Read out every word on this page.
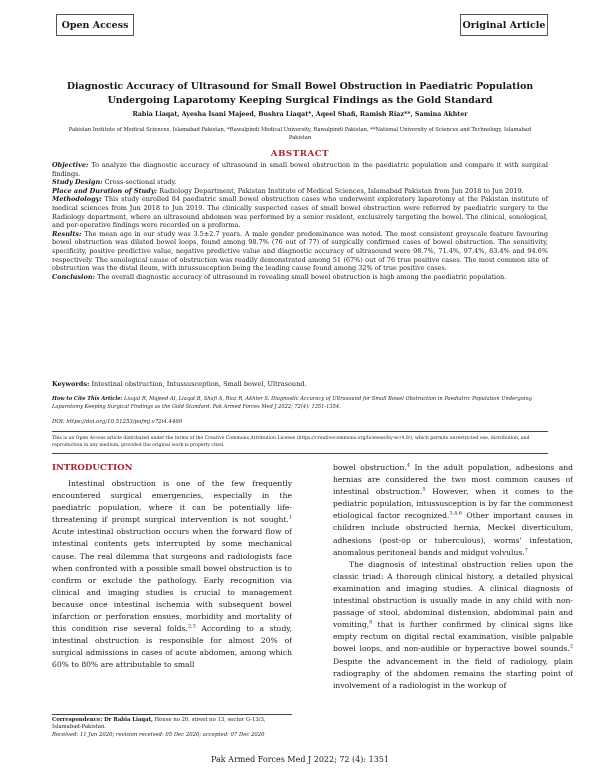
Open Access	Original Article
Diagnostic Accuracy of Ultrasound for Small Bowel Obstruction in Paediatric Population Undergoing Laparotomy Keeping Surgical Findings as the Gold Standard
Rabia Liaqat, Ayesha Isani Majeed, Bushra Liaqat*, Aqeel Shafi, Ramish Riaz**, Samina Akhter
Pakistan Institute of Medical Sciences, Islamabad Pakistan, *Rawalpindi Medical University, Rawalpindi Pakistan, **National University of Sciences and Technology, Islamabad Pakistan
ABSTRACT

Objective: To analyze the diagnostic accuracy of ultrasound in small bowel obstruction in the paediatric population and compare it with surgical findings.

Study Design: Cross-sectional study.

Place and Duration of Study: Radiology Department, Pakistan Institute of Medical Sciences, Islamabad Pakistan from Jun 2018 to Jun 2019.

Methodology: This study enrolled 84 paediatric small bowel obstruction cases who underwent exploratory laparotomy at the Pakistan institute of medical sciences from Jun 2018 to Jun 2019. The clinically suspected cases of small bowel obstruction were referred by paediatric surgery to the Radiology department, where an ultrasound abdomen was performed by a senior resident, exclusively targeting the bowel. The clinical, sonological, and per-operative findings were recorded on a proforma.

Results: The mean age in our study was 3.5±2.7 years. A male gender predominance was noted. The most consistent greyscale feature favouring bowel obstruction was dilated bowel loops, found among 98.7% (76 out of 77) of surgically confirmed cases of bowel obstruction. The sensitivity, specificity, positive predictive value, negative predictive value and diagnostic accuracy of ultrasound were 98.7%, 71.4%, 97.4%, 83.4% and 94.6% respectively. The sonological cause of obstruction was readily demonstrated among 51 (67%) out of 76 true positive cases. The most common site of obstruction was the distal ileum, with intussusception being the leading cause found among 32% of true positive cases.

Conclusion: The overall diagnostic accuracy of ultrasound in revealing small bowel obstruction is high among the paediatric population.

Keywords: Intestinal obstruction, Intussusception, Small bowel, Ultrasound.
How to Cite This Article: Liaqat R, Majeed AI, Liaqat B, Shafi A, Riaz R, Akhter S. Diagnostic Accuracy of Ultrasound for Small Bowel Obstruction in Paediatric Population Undergoing Laparotomy Keeping Surgical Findings as the Gold Standard. Pak Armed Forces Med J 2022; 72(4): 1351-1354.
DOI: https://doi.org/10.51253/pafmj.v72i4.4460
This is an Open Access article distributed under the terms of the Creative Commons Attribution License (https://creativecommons.org/licenses/by-nc/4.0/), which permits unrestricted use, distribution, and reproduction in any medium, provided the original work is properly cited.
INTRODUCTION

Intestinal obstruction is one of the few frequently encountered surgical emergencies, especially in the paediatric population, where it can be potentially life-threatening if prompt surgical intervention is not sought.$^1$ Acute intestinal obstruction occurs when the forward flow of intestinal contents gets interrupted by some mechanical cause. The real dilemma that surgeons and radiologists face when confronted with a possible small bowel obstruction is to confirm or exclude the pathology. Early recognition via clinical and imaging studies is crucial to management because once intestinal ischemia with subsequent bowel infarction or perforation ensues, morbidity and mortality of this condition rise several folds.$^{2,3}$ According to a study, intestinal obstruction is responsible for almost 20% of surgical admissions in cases of acute abdomen, among which 60% to 80% are attributable to small

bowel obstruction.$^4$ In the adult population, adhesions and hernias are considered the two most common causes of intestinal obstruction.$^5$ However, when it comes to the pediatric population, intussusception is by far the commonest etiological factor recognized.$^{3,4,6}$ Other important causes in children include obstructed hernia, Meckel diverticulum, adhesions (post-op or tuberculous), worms' infestation, anomalous peritoneal bands and midgut volvulus.$^7$

The diagnosis of intestinal obstruction relies upon the classic triad: A thorough clinical history, a detailed physical examination and imaging studies. A clinical diagnosis of intestinal obstruction is usually made in any child with non-passage of stool, abdominal distension, abdominal pain and vomiting,$^8$ that is further confirmed by clinical signs like empty rectum on digital rectal examination, visible palpable bowel loops, and non-audible or hyperactive bowel sounds.$^2$ Despite the advancement in the field of radiology, plain radiography of the abdomen remains the starting point of involvement of a radiologist in the workup of

Correspondence: Dr Rabia Liaqat, House no 20, street no 13, sector G-13/3, Islamabad-Pakistan.
Received: 11 Jun 2020; revision received: 05 Dec 2020; accepted: 07 Dec 2020
Pak Armed Forces Med J 2022; 72 (4): 1351
